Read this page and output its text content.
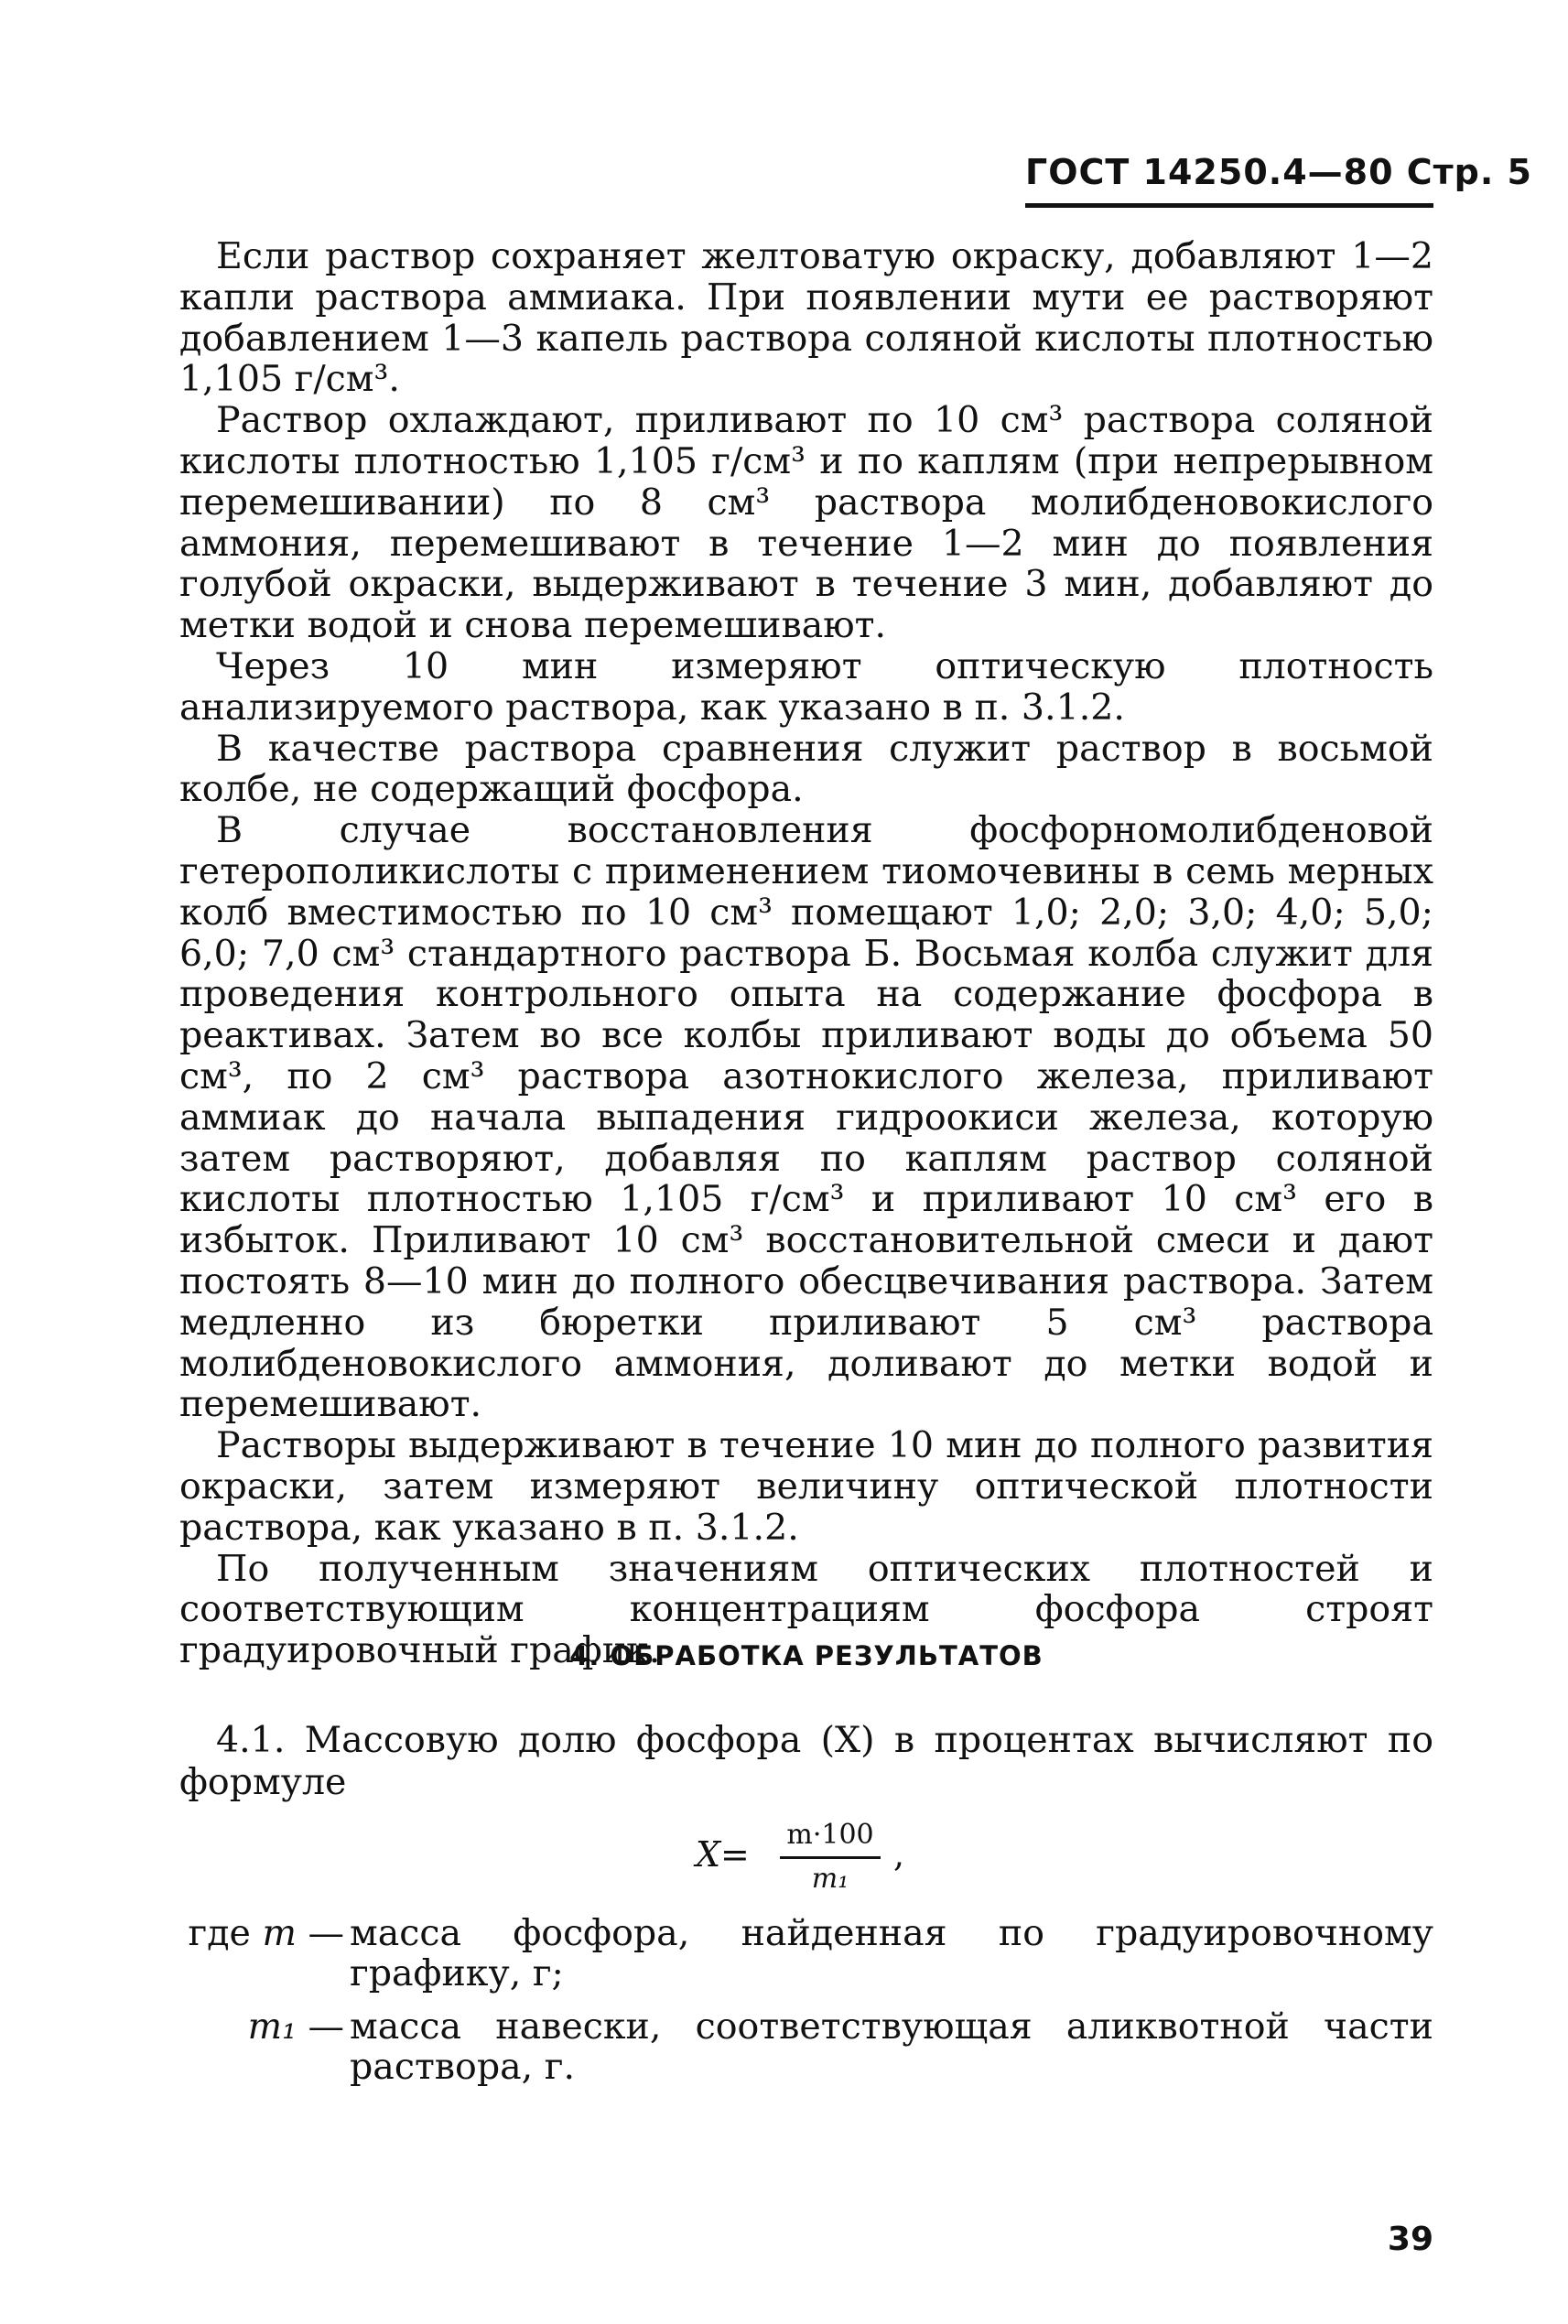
ГОСТ 14250.4—80 Стр. 5

Если раствор сохраняет желтоватую окраску, добавляют 1—2 капли раствора аммиака. При появлении мути ее растворяют добавлением 1—3 капель раствора соляной кислоты плотностью 1,105 г/см³.

Раствор охлаждают, приливают по 10 см³ раствора соляной кислоты плотностью 1,105 г/см³ и по каплям (при непрерывном перемешивании) по 8 см³ раствора молибденовокислого аммония, перемешивают в течение 1—2 мин до появления голубой окраски, выдерживают в течение 3 мин, добавляют до метки водой и снова перемешивают.

Через 10 мин измеряют оптическую плотность анализируемого раствора, как указано в п. 3.1.2.

В качестве раствора сравнения служит раствор в восьмой колбе, не содержащий фосфора.

В случае восстановления фосфорномолибденовой гетерополикислоты с применением тиомочевины в семь мерных колб вместимостью по 10 см³ помещают 1,0; 2,0; 3,0; 4,0; 5,0; 6,0; 7,0 см³ стандартного раствора Б. Восьмая колба служит для проведения контрольного опыта на содержание фосфора в реактивах. Затем во все колбы приливают воды до объема 50 см³, по 2 см³ раствора азотнокислого железа, приливают аммиак до начала выпадения гидроокиси железа, которую затем растворяют, добавляя по каплям раствор соляной кислоты плотностью 1,105 г/см³ и приливают 10 см³ его в избыток. Приливают 10 см³ восстановительной смеси и дают постоять 8—10 мин до полного обесцвечивания раствора. Затем медленно из бюретки приливают 5 см³ раствора молибденовокислого аммония, доливают до метки водой и перемешивают.

Растворы выдерживают в течение 10 мин до полного развития окраски, затем измеряют величину оптической плотности раствора, как указано в п. 3.1.2.

По полученным значениям оптических плотностей и соответствующим концентрациям фосфора строят градуировочный график.

4. ОБРАБОТКА РЕЗУЛЬТАТОВ

4.1. Массовую долю фосфора (X) в процентах вычисляют по формуле

X= m·100
m₁
,
где m — масса фосфора, найденная по градуировочному графику, г;
m₁ — масса навески, соответствующая аликвотной части раствора, г.
39
